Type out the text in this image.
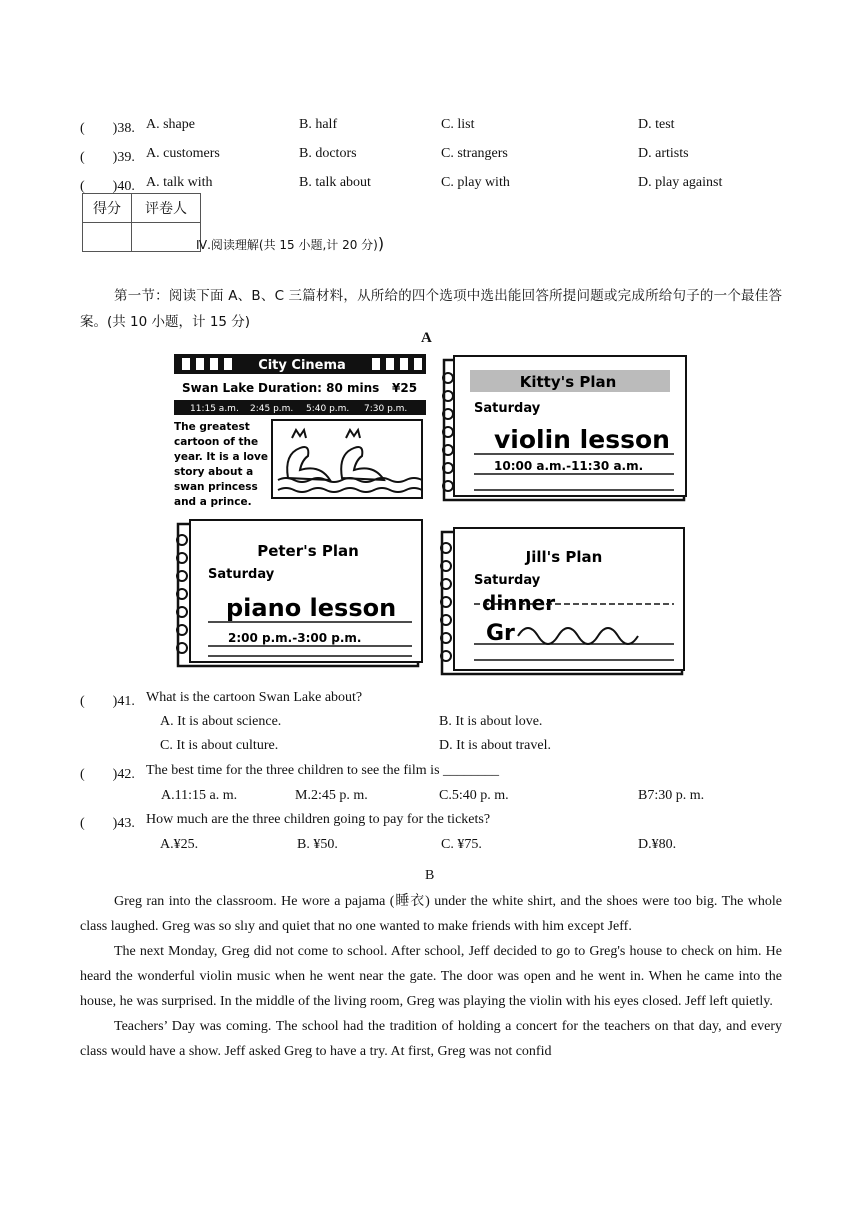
(　　)38. A. shape	B. half	C. list	D. test
(　　)39. A. customers	B. doctors	C. strangers	D. artists
(　　)40. A. talk with	B. talk about	C. play with	D. play against
得分	评卷人

Ⅳ.阅读理解(共 15 小题,计 20 分))
第一节：阅读下面 A、B、C 三篇材料，从所给的四个选项中选出能回答所提问题或完成所给句子的一个最佳答案。(共 10 小题，计 15 分)
A
City Cinema
Swan Lake Duration: 80 mins ¥25
11:15 a.m. 2:45 p.m. 5:40 p.m. 7:30 p.m.
The greatest
cartoon of the
year. It is a love
story about a
swan princess
and a prince.
Kitty's Plan
Saturday
violin lesson
10:00 a.m.-11:30 a.m.
Peter's Plan
Saturday
piano lesson
2:00 p.m.-3:00 p.m.
Jill's Plan
Saturday
dinner
Gr
(　　)41. What is the cartoon Swan Lake about?
A. It is about science.	B. It is about love.
C. It is about culture.	D. It is about travel.
(　　)42. The best time for the three children to see the film is ________
A.11:15 a. m.	M.2:45 p. m.	C.5:40 p. m.	B7:30 p. m.
(　　)43. How much are the three children going to pay for the tickets?
A.¥25.	B. ¥50.	C. ¥75.	D.¥80.
B
Greg ran into the classroom. He wore a pajama (睡衣) under the white shirt, and the shoes were too big. The whole class laughed. Greg was so slıy and quiet that no one wanted to make friends with him except Jeff.
The next Monday, Greg did not come to school. After school, Jeff decided to go to Greg's house to check on him. He heard the wonderful violin music when he went near the gate. The door was open and he went in. When he came into the house, he was surprised. In the middle of the living room, Greg was playing the violin with his eyes closed. Jeff left quietly.
Teachers’ Day was coming. The school had the tradition of holding a concert for the teachers on that day, and every class would have a show. Jeff asked Greg to have a try. At first, Greg was not confid
